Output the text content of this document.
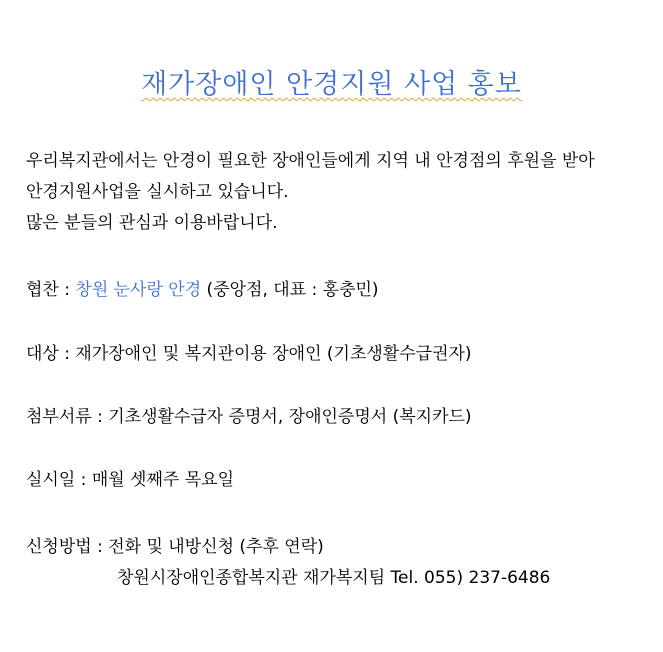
재가장애인 안경지원 사업 홍보
우리복지관에서는 안경이 필요한 장애인들에게 지역 내 안경점의 후원을 받아
안경지원사업을 실시하고 있습니다.
많은 분들의 관심과 이용바랍니다.
협찬 : 창원 눈사랑 안경 (중앙점, 대표 : 홍충민)
대상 : 재가장애인 및 복지관이용 장애인 (기초생활수급권자)
첨부서류 : 기초생활수급자 증명서, 장애인증명서 (복지카드)
실시일 : 매월 셋째주 목요일
신청방법 : 전화 및 내방신청 (추후 연락)
창원시장애인종합복지관 재가복지팀 Tel. 055) 237-6486
